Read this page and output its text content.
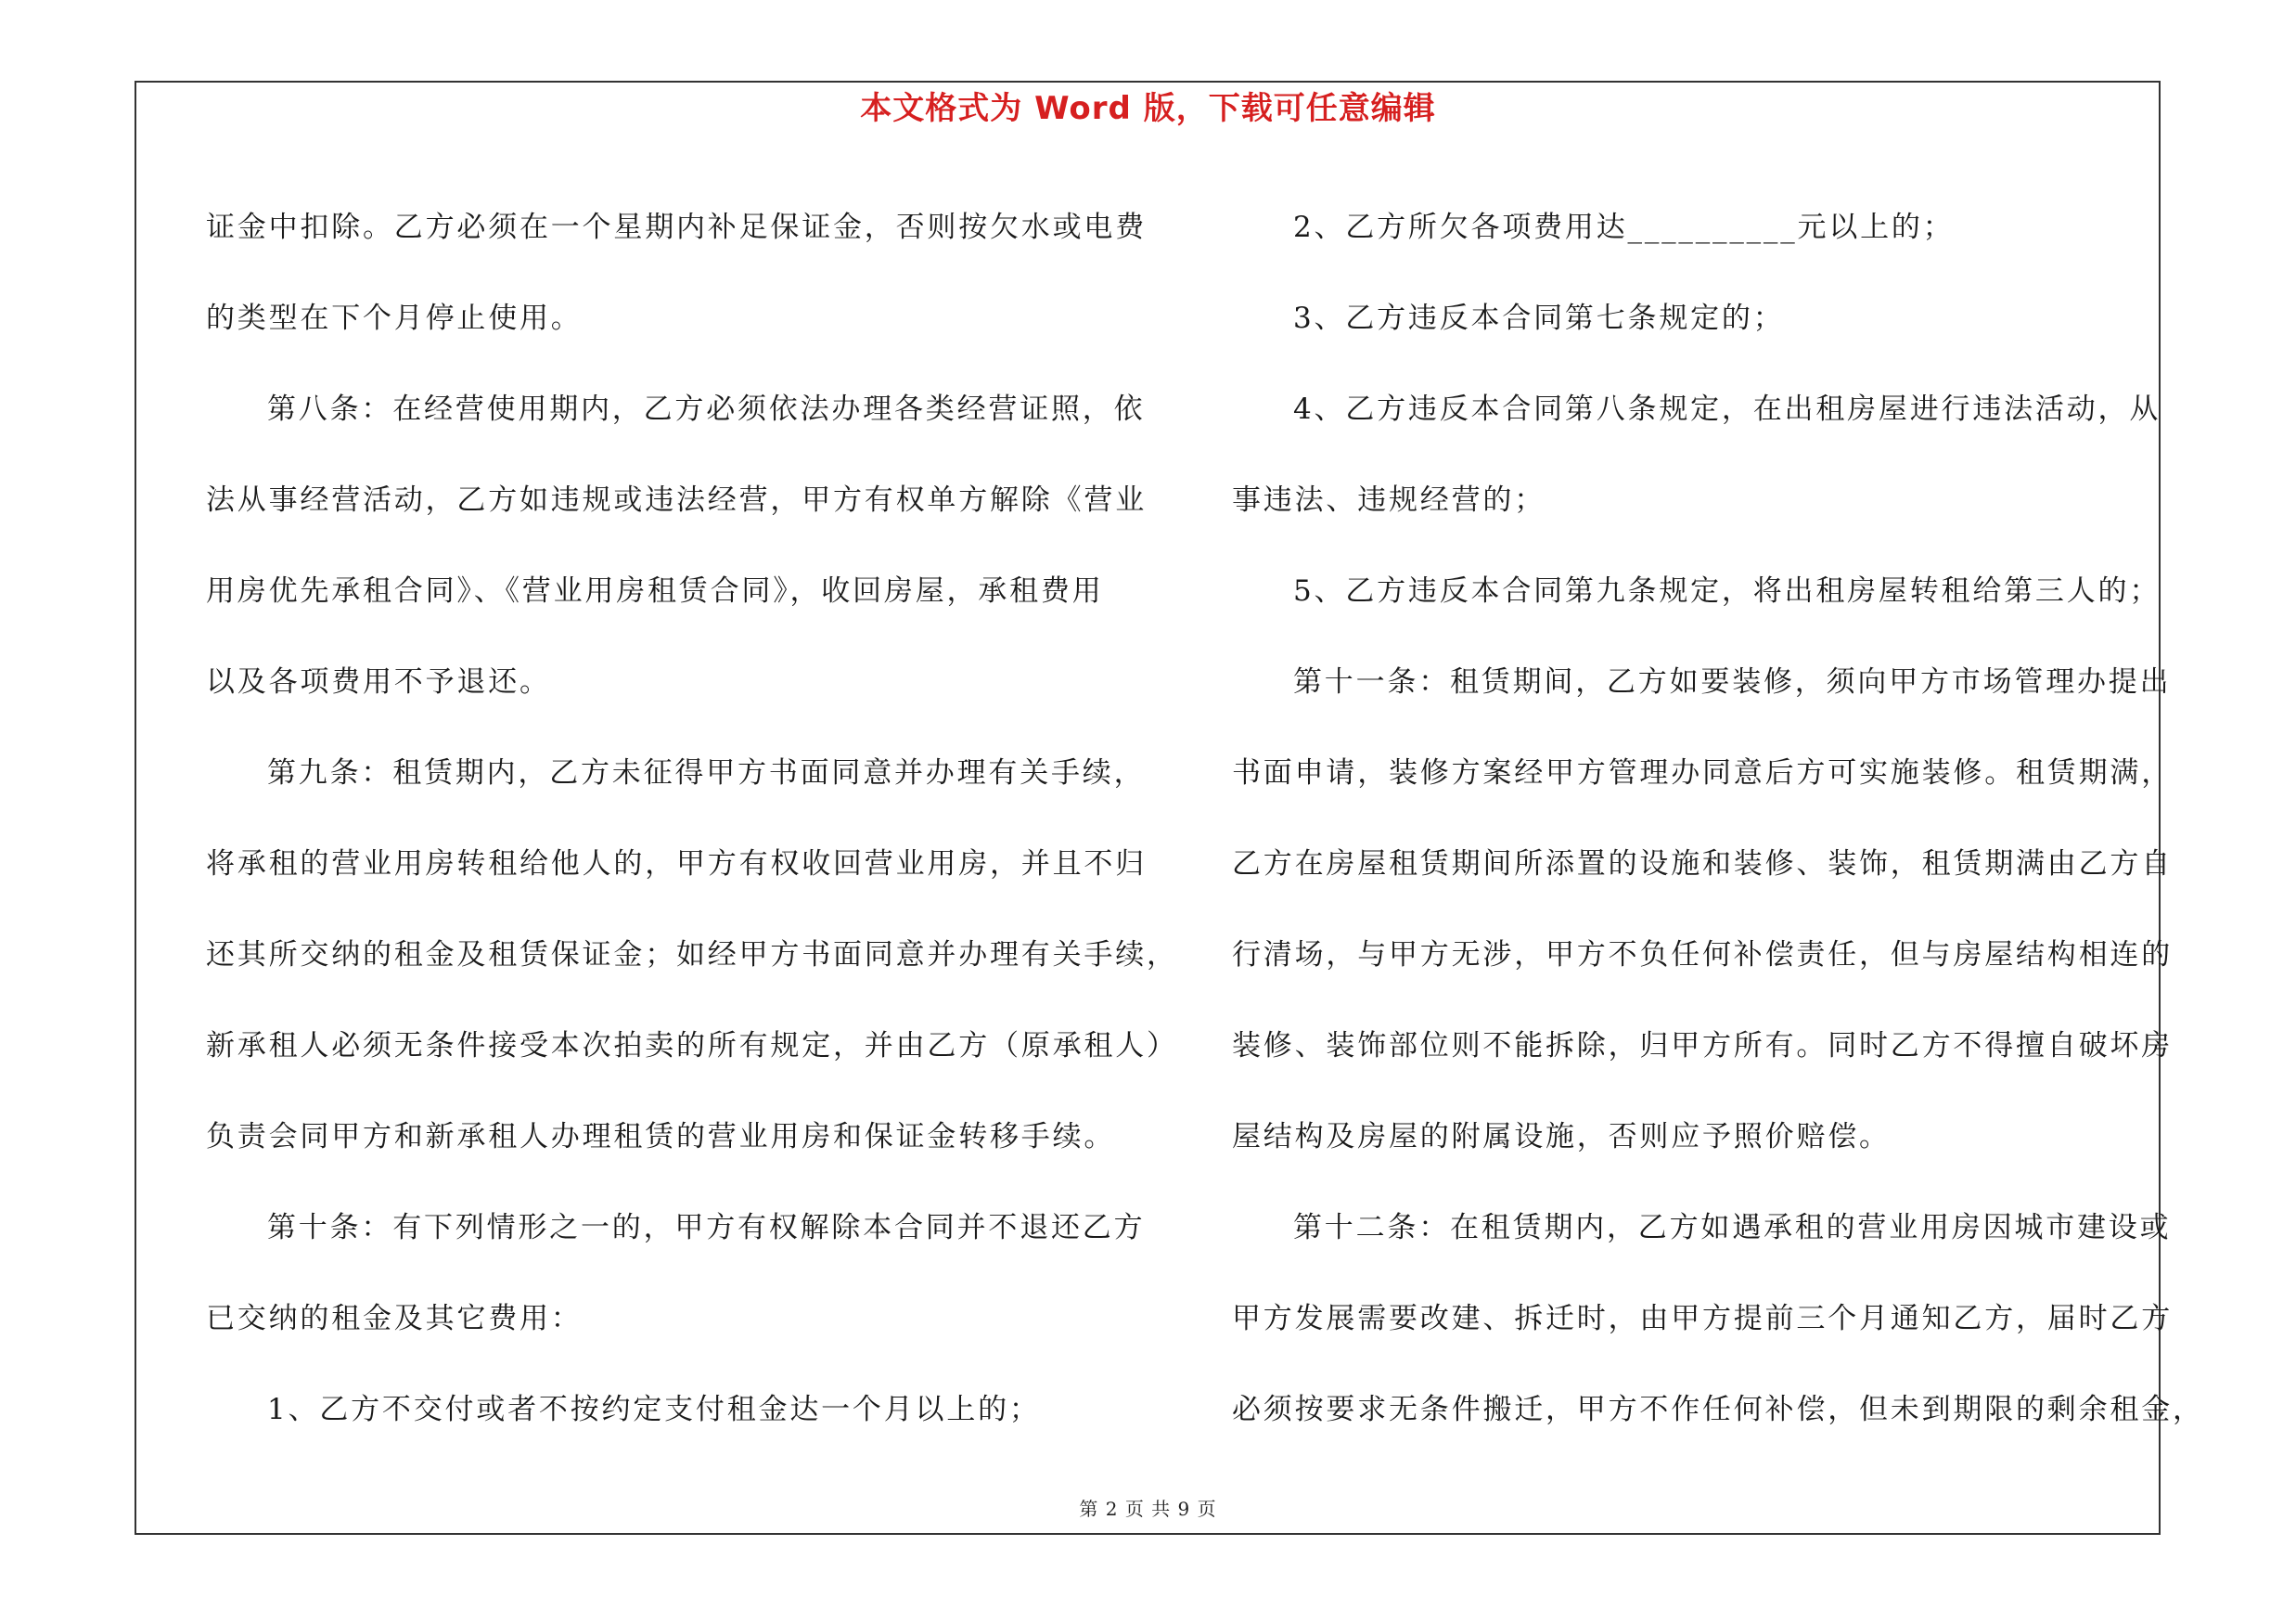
本文格式为 Word 版，下载可任意编辑
证金中扣除。乙方必须在一个星期内补足保证金，否则按欠水或电费
的类型在下个月停止使用。
第八条：在经营使用期内，乙方必须依法办理各类经营证照，依
法从事经营活动，乙方如违规或违法经营，甲方有权单方解除《营业
用房优先承租合同》、《营业用房租赁合同》，收回房屋，承租费用
以及各项费用不予退还。
第九条：租赁期内，乙方未征得甲方书面同意并办理有关手续，
将承租的营业用房转租给他人的，甲方有权收回营业用房，并且不归
还其所交纳的租金及租赁保证金；如经甲方书面同意并办理有关手续，
新承租人必须无条件接受本次拍卖的所有规定，并由乙方（原承租人）
负责会同甲方和新承租人办理租赁的营业用房和保证金转移手续。
第十条：有下列情形之一的，甲方有权解除本合同并不退还乙方
已交纳的租金及其它费用：
1、乙方不交付或者不按约定支付租金达一个月以上的；
2、乙方所欠各项费用达__________元以上的；
3、乙方违反本合同第七条规定的；
4、乙方违反本合同第八条规定，在出租房屋进行违法活动，从
事违法、违规经营的；
5、乙方违反本合同第九条规定，将出租房屋转租给第三人的；
第十一条：租赁期间，乙方如要装修，须向甲方市场管理办提出
书面申请，装修方案经甲方管理办同意后方可实施装修。租赁期满，
乙方在房屋租赁期间所添置的设施和装修、装饰，租赁期满由乙方自
行清场，与甲方无涉，甲方不负任何补偿责任，但与房屋结构相连的
装修、装饰部位则不能拆除，归甲方所有。同时乙方不得擅自破坏房
屋结构及房屋的附属设施，否则应予照价赔偿。
第十二条：在租赁期内，乙方如遇承租的营业用房因城市建设或
甲方发展需要改建、拆迁时，由甲方提前三个月通知乙方，届时乙方
必须按要求无条件搬迁，甲方不作任何补偿，但未到期限的剩余租金，
第 2 页 共 9 页
